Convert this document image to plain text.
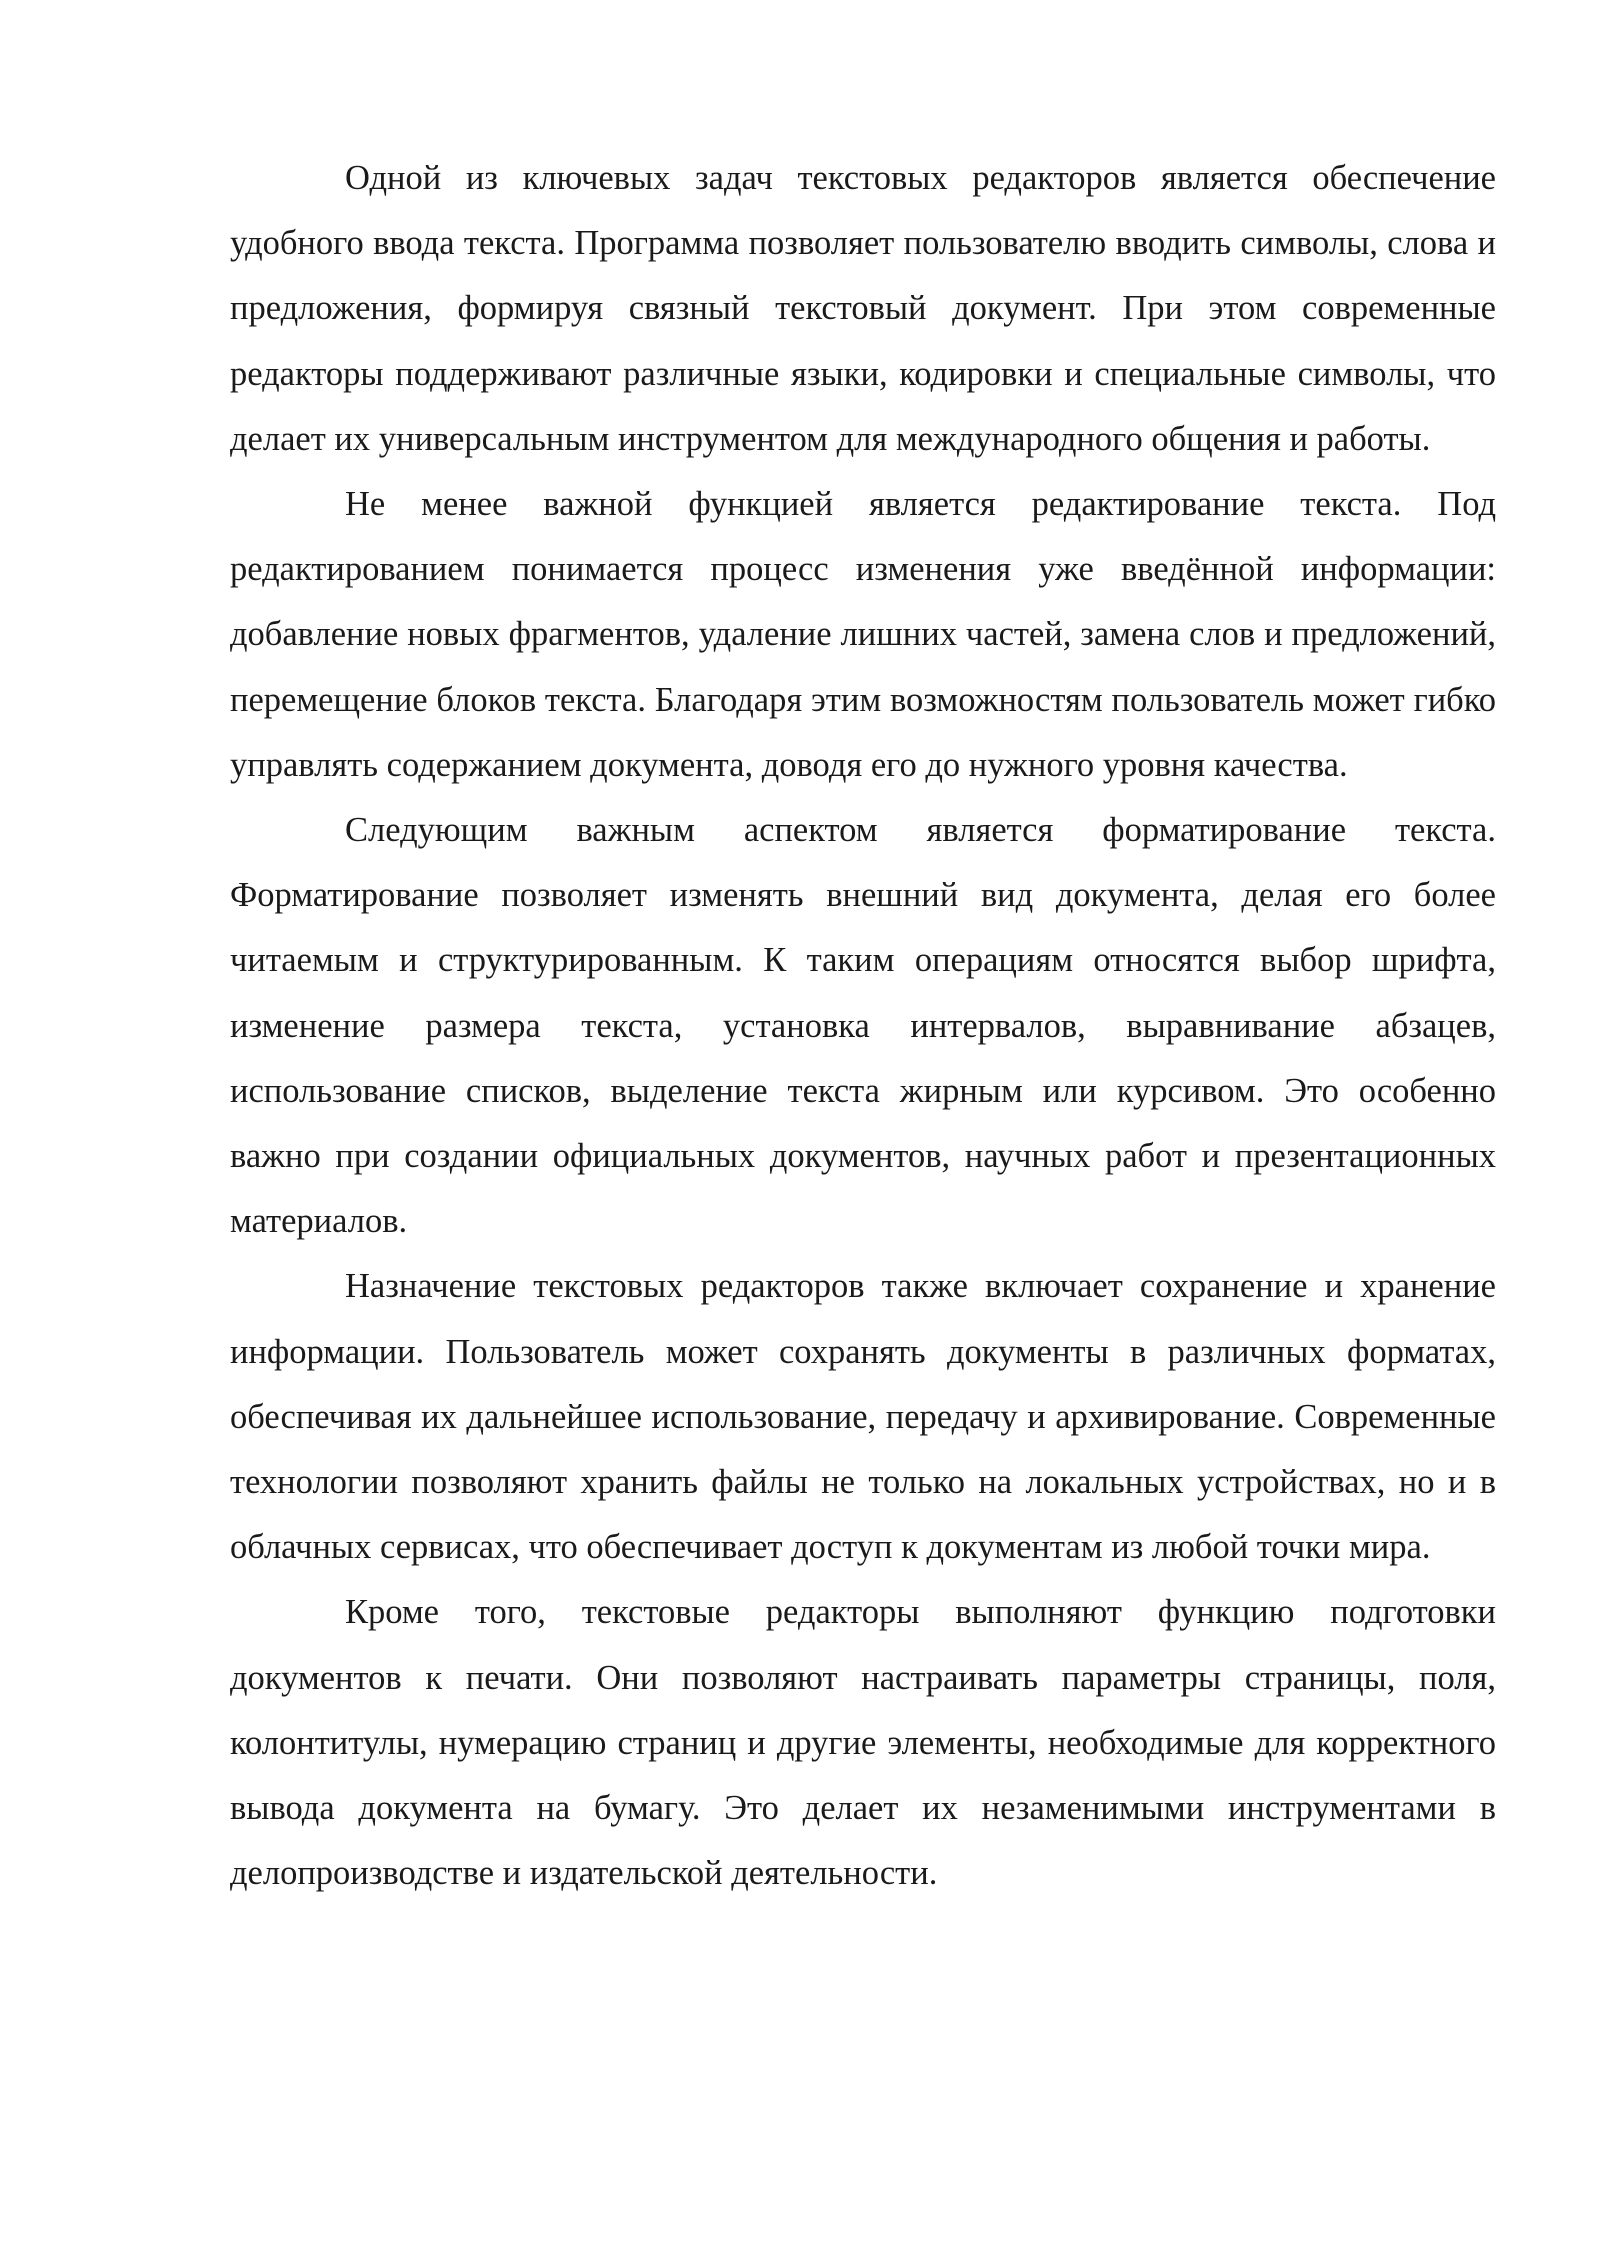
Одной из ключевых задач текстовых редакторов является обеспечение удобного ввода текста. Программа позволяет пользователю вводить символы, слова и предложения, формируя связный текстовый документ. При этом современные редакторы поддерживают различные языки, кодировки и специальные символы, что делает их универсальным инструментом для международного общения и работы.

Не менее важной функцией является редактирование текста. Под редактированием понимается процесс изменения уже введённой информации: добавление новых фрагментов, удаление лишних частей, замена слов и предложений, перемещение блоков текста. Благодаря этим возможностям пользователь может гибко управлять содержанием документа, доводя его до нужного уровня качества.

Следующим важным аспектом является форматирование текста. Форматирование позволяет изменять внешний вид документа, делая его более читаемым и структурированным. К таким операциям относятся выбор шрифта, изменение размера текста, установка интервалов, выравнивание абзацев, использование списков, выделение текста жирным или курсивом. Это особенно важно при создании официальных документов, научных работ и презентационных материалов.

Назначение текстовых редакторов также включает сохранение и хранение информации. Пользователь может сохранять документы в различных форматах, обеспечивая их дальнейшее использование, передачу и архивирование. Современные технологии позволяют хранить файлы не только на локальных устройствах, но и в облачных сервисах, что обеспечивает доступ к документам из любой точки мира.

Кроме того, текстовые редакторы выполняют функцию подготовки документов к печати. Они позволяют настраивать параметры страницы, поля, колонтитулы, нумерацию страниц и другие элементы, необходимые для корректного вывода документа на бумагу. Это делает их незаменимыми инструментами в делопроизводстве и издательской деятельности.
